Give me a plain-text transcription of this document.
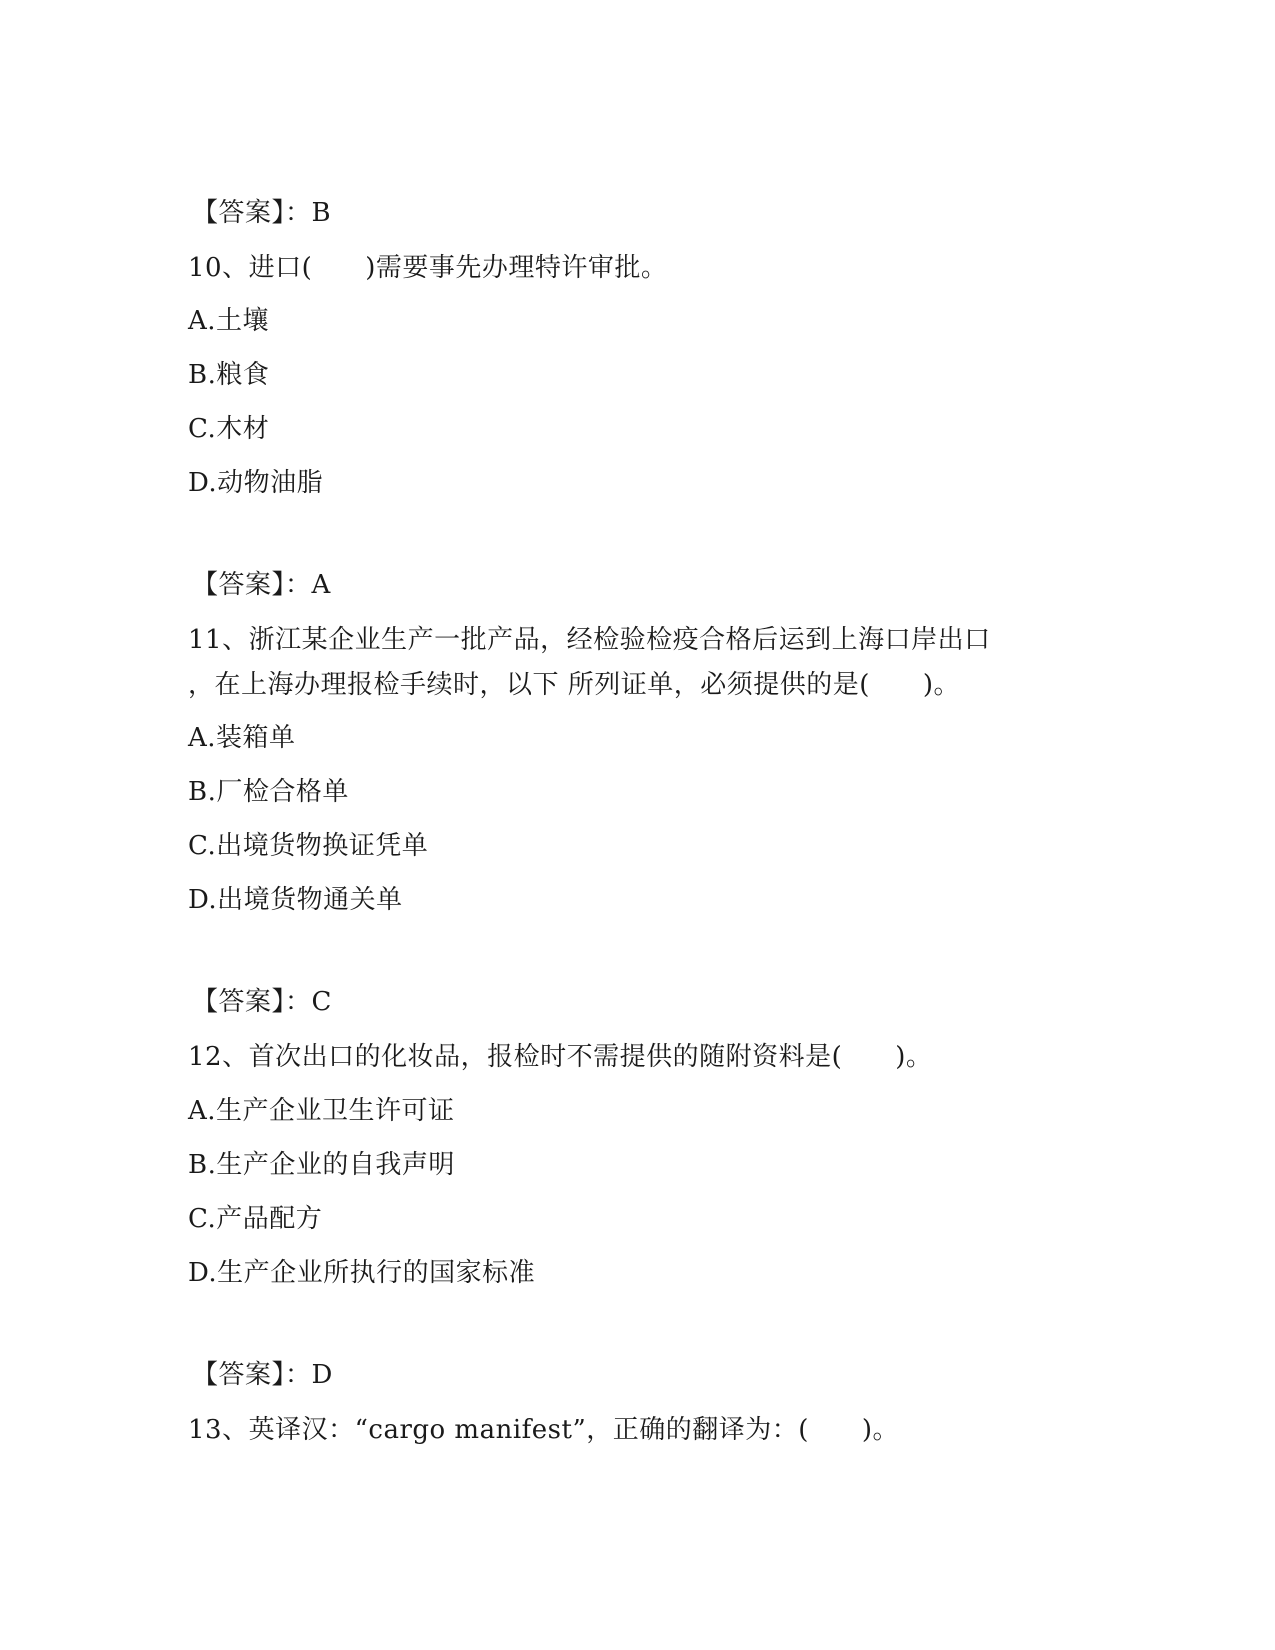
【答案】：B
10、进口(　　)需要事先办理特许审批。
A.土壤
B.粮食
C.木材
D.动物油脂
【答案】：A
11、浙江某企业生产一批产品，经检验检疫合格后运到上海口岸出口
，在上海办理报检手续时，以下 所列证单，必须提供的是(　　)。
A.装箱单
B.厂检合格单
C.出境货物换证凭单
D.出境货物通关单
【答案】：C
12、首次出口的化妆品，报检时不需提供的随附资料是(　　)。
A.生产企业卫生许可证
B.生产企业的自我声明
C.产品配方
D.生产企业所执行的国家标准
【答案】：D
13、英译汉：“cargo manifest”，正确的翻译为：(　　)。
